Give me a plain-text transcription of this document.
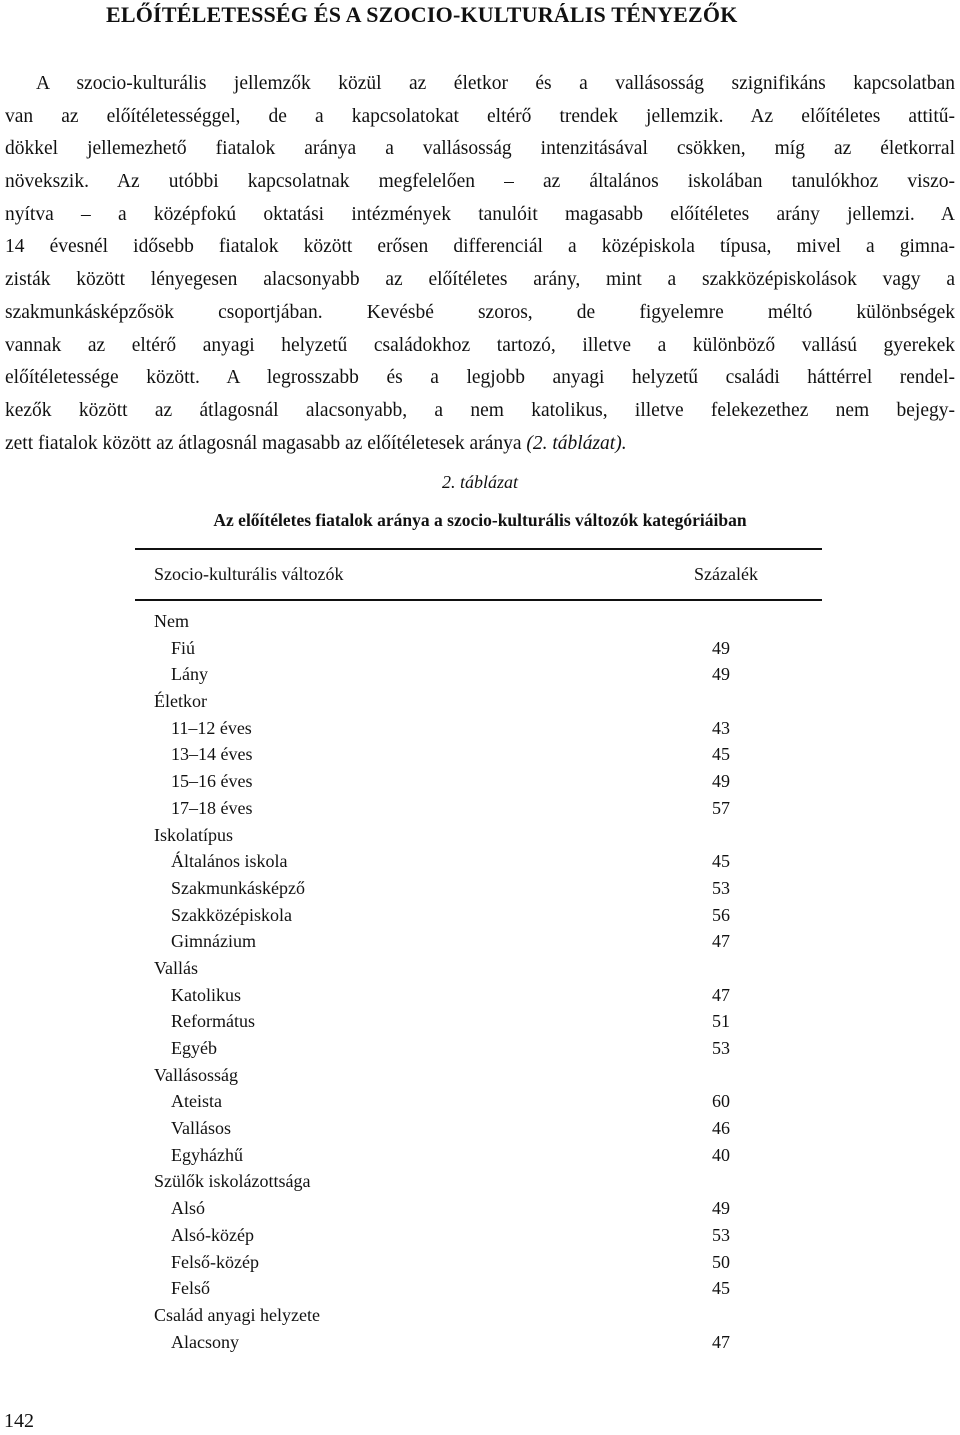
ELŐÍTÉLETESSÉG ÉS A SZOCIO-KULTURÁLIS TÉNYEZŐK
A szocio-kulturális jellemzők közül az életkor és a vallásosság szignifikáns kapcsolatban
van az előítéletességgel, de a kapcsolatokat eltérő trendek jellemzik. Az előítéletes attitű-
dökkel jellemezhető fiatalok aránya a vallásosság intenzitásával csökken, míg az életkorral
növekszik. Az utóbbi kapcsolatnak megfelelően – az általános iskolában tanulókhoz viszo-
nyítva – a középfokú oktatási intézmények tanulóit magasabb előítéletes arány jellemzi. A
14 évesnél idősebb fiatalok között erősen differenciál a középiskola típusa, mivel a gimna-
zisták között lényegesen alacsonyabb az előítéletes arány, mint a szakközépiskolások vagy a
szakmunkásképzősök csoportjában. Kevésbé szoros, de figyelemre méltó különbségek
vannak az eltérő anyagi helyzetű családokhoz tartozó, illetve a különböző vallású gyerekek
előítéletessége között. A legrosszabb és a legjobb anyagi helyzetű családi háttérrel rendel-
kezők között az átlagosnál alacsonyabb, a nem katolikus, illetve felekezethez nem bejegy-
zett fiatalok között az átlagosnál magasabb az előítéletesek aránya (2. táblázat).
2. táblázat
Az előítéletes fiatalok aránya a szocio-kulturális változók kategóriáiban
Szocio-kulturális változók	Százalék
Nem
Fiú	49
Lány	49
Életkor
11–12 éves	43
13–14 éves	45
15–16 éves	49
17–18 éves	57
Iskolatípus
Általános iskola	45
Szakmunkásképző	53
Szakközépiskola	56
Gimnázium	47
Vallás
Katolikus	47
Református	51
Egyéb	53
Vallásosság
Ateista	60
Vallásos	46
Egyházhű	40
Szülők iskolázottsága
Alsó	49
Alsó-közép	53
Felső-közép	50
Felső	45
Család anyagi helyzete
Alacsony	47
142
